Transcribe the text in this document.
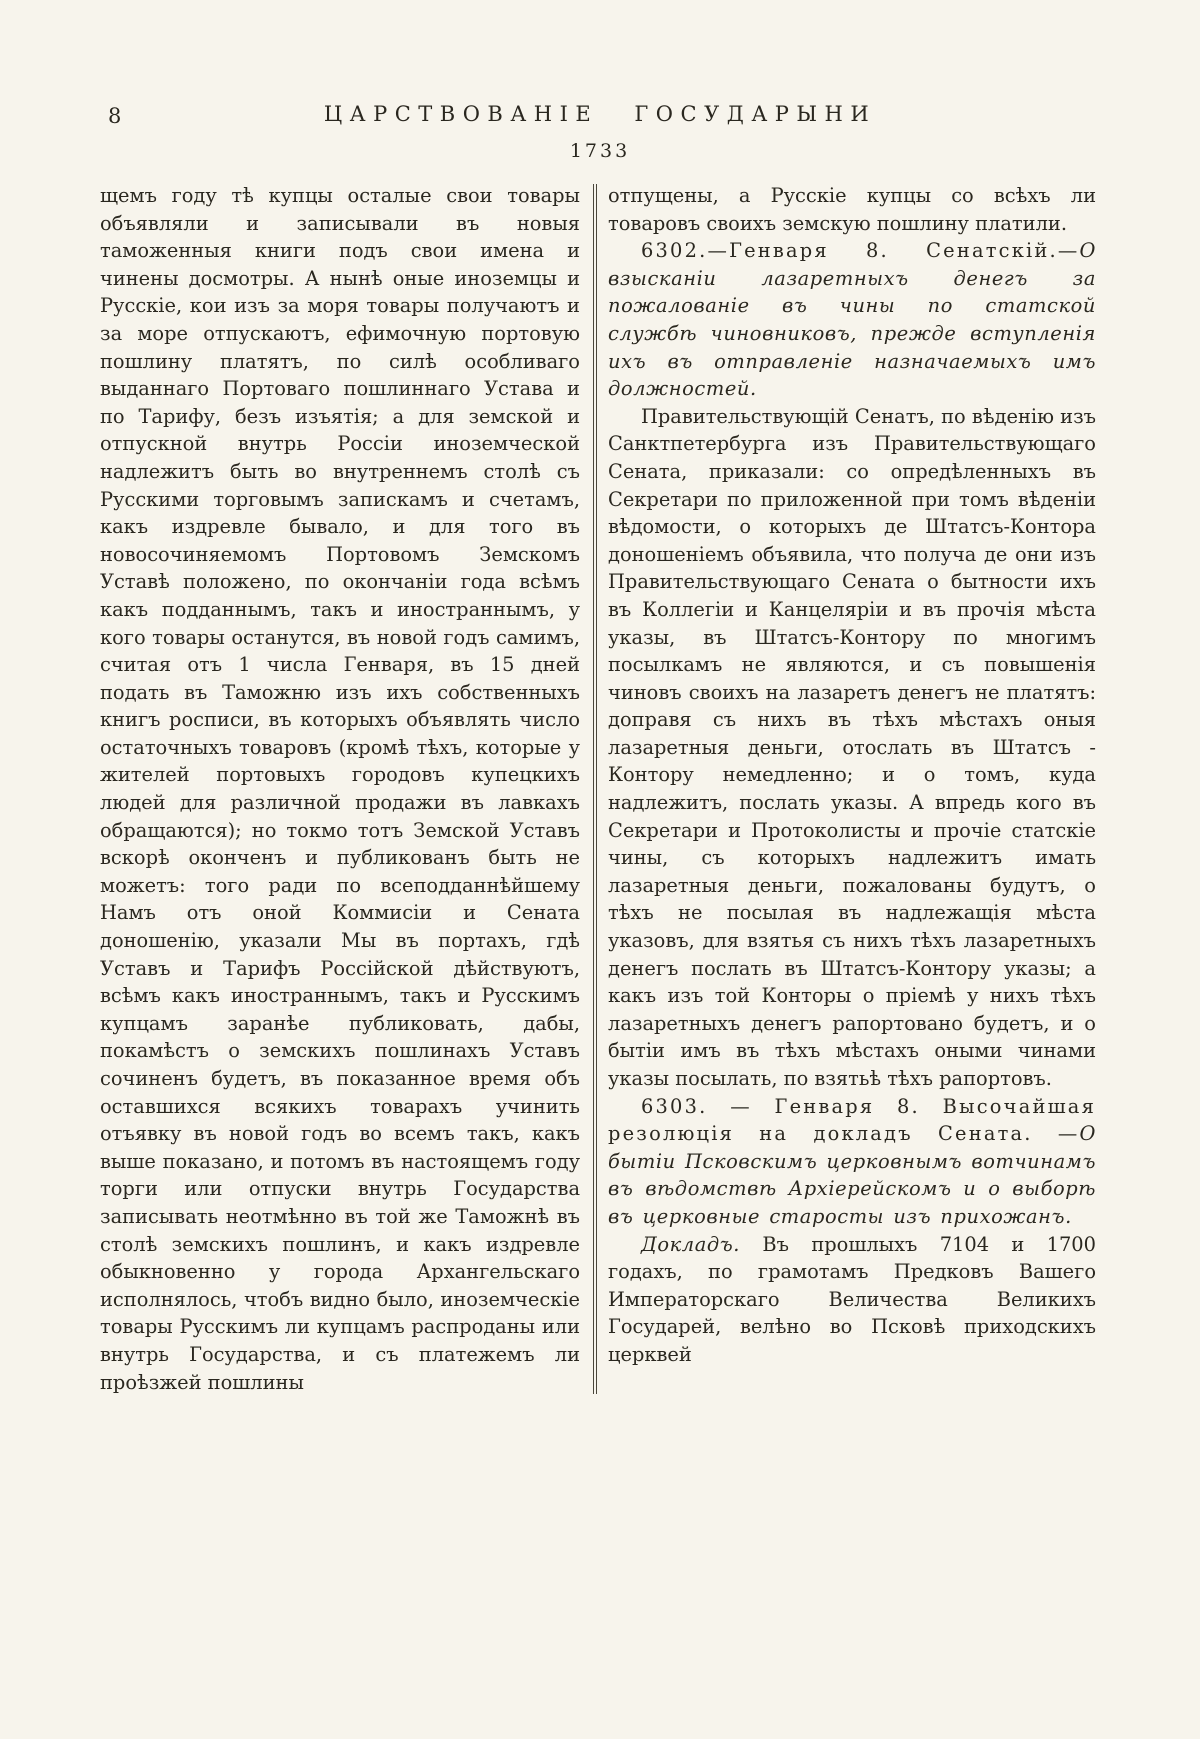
8	ЦАРСТВОВАНІЕ ГОСУДАРЫНИ
1733

щемъ году тѣ купцы осталые свои товары объявляли и записывали въ новыя таможенныя книги подъ свои имена и чинены досмотры. А нынѣ оные иноземцы и Русскіе, кои изъ за моря товары получаютъ и за море отпускаютъ, ефимочную портовую пошлину платятъ, по силѣ особливаго выданнаго Портоваго пошлиннаго Устава и по Тарифу, безъ изъятія; а для земской и отпускной внутрь Россіи иноземческой надлежитъ быть во внутреннемъ столѣ съ Русскими торговымъ запискамъ и счетамъ, какъ издревле бывало, и для того въ новосочиняемомъ Портовомъ Земскомъ Уставѣ положено, по окончаніи года всѣмъ какъ подданнымъ, такъ и иностраннымъ, у кого товары останутся, въ новой годъ самимъ, считая отъ 1 числа Генваря, въ 15 дней подать въ Таможню изъ ихъ собственныхъ книгъ росписи, въ которыхъ объявлять число остаточныхъ товаровъ (кромѣ тѣхъ, которые у жителей портовыхъ городовъ купецкихъ людей для различной продажи въ лавкахъ обращаются); но токмо тотъ Земской Уставъ вскорѣ оконченъ и публикованъ быть не можетъ: того ради по всеподданнѣйшему Намъ отъ оной Коммисіи и Сената доношенію, указали Мы въ портахъ, гдѣ Уставъ и Тарифъ Россійской дѣйствуютъ, всѣмъ какъ иностраннымъ, такъ и Русскимъ купцамъ заранѣе публиковать, дабы, покамѣстъ о земскихъ пошлинахъ Уставъ сочиненъ будетъ, въ показанное время объ оставшихся всякихъ товарахъ учинить отъявку въ новой годъ во всемъ такъ, какъ выше показано, и потомъ въ настоящемъ году торги или отпуски внутрь Государства записывать неотмѣнно въ той же Таможнѣ въ столѣ земскихъ пошлинъ, и какъ издревле обыкновенно у города Архангельскаго исполнялось, чтобъ видно было, иноземческіе товары Русскимъ ли купцамъ распроданы или внутрь Государства, и съ платежемъ ли проѣзжей пошлины

отпущены, а Русскіе купцы со всѣхъ ли товаровъ своихъ земскую пошлину платили.

6302.—Генваря 8. Сенатскій.—О взысканіи лазаретныхъ денегъ за пожалованіе въ чины по статской службѣ чиновниковъ, прежде вступленія ихъ въ отправленіе назначаемыхъ имъ должностей.

Правительствующій Сенатъ, по вѣденію изъ Санктпетербурга изъ Правительствующаго Сената, приказали: со опредѣленныхъ въ Секретари по приложенной при томъ вѣденіи вѣдомости, о которыхъ де Штатсъ-Контора доношеніемъ объявила, что получа де они изъ Правительствующаго Сената о бытности ихъ въ Коллегіи и Канцеляріи и въ прочія мѣста указы, въ Штатсъ-Контору по многимъ посылкамъ не являются, и съ повышенія чиновъ своихъ на лазаретъ денегъ не платятъ: доправя съ нихъ въ тѣхъ мѣстахъ оныя лазаретныя деньги, отослать въ Штатсъ - Контору немедленно; и о томъ, куда надлежитъ, послать указы. А впредь кого въ Секретари и Протоколисты и прочіе статскіе чины, съ которыхъ надлежитъ имать лазаретныя деньги, пожалованы будутъ, о тѣхъ не посылая въ надлежащія мѣста указовъ, для взятья съ нихъ тѣхъ лазаретныхъ денегъ послать въ Штатсъ-Контору указы; а какъ изъ той Конторы о пріемѣ у нихъ тѣхъ лазаретныхъ денегъ рапортовано будетъ, и о бытіи имъ въ тѣхъ мѣстахъ оными чинами указы посылать, по взятьѣ тѣхъ рапортовъ.

6303. — Генваря 8. Высочайшая резолюція на докладъ Сената. —О бытіи Псковскимъ церковнымъ вотчинамъ въ вѣдомствѣ Архіерейскомъ и о выборѣ въ церковные старосты изъ прихожанъ.

Докладъ. Въ прошлыхъ 7104 и 1700 годахъ, по грамотамъ Предковъ Вашего Императорскаго Величества Великихъ Государей, велѣно во Псковѣ приходскихъ церквей
